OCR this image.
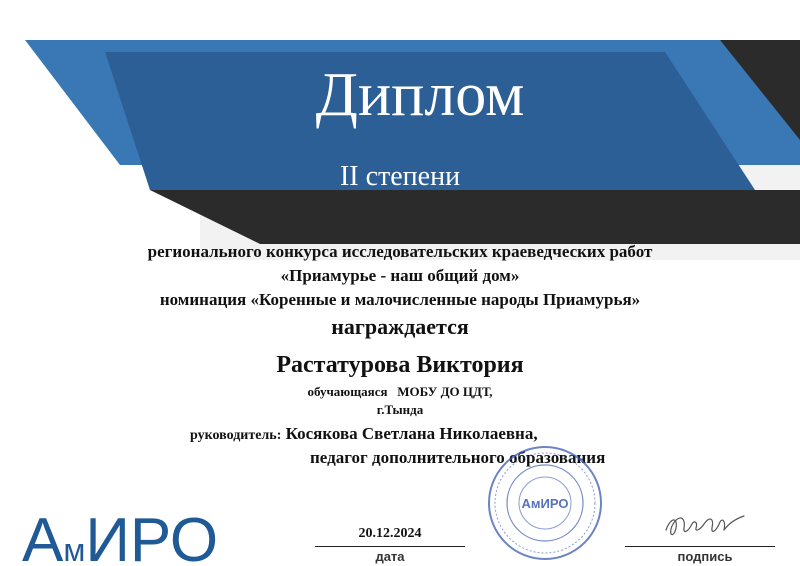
Диплом
II степени
регионального конкурса исследовательских краеведческих работ
«Приамурье - наш общий дом»
номинация «Коренные и малочисленные народы Приамурья»
награждается
Растатурова Виктория
обучающаяся   МОБУ ДО ЦДТ,
г.Тында
руководитель: Косякова Светлана Николаевна,
педагог дополнительного образования
АмИРО
АмИРО	20.12.2024
дата	подпись
